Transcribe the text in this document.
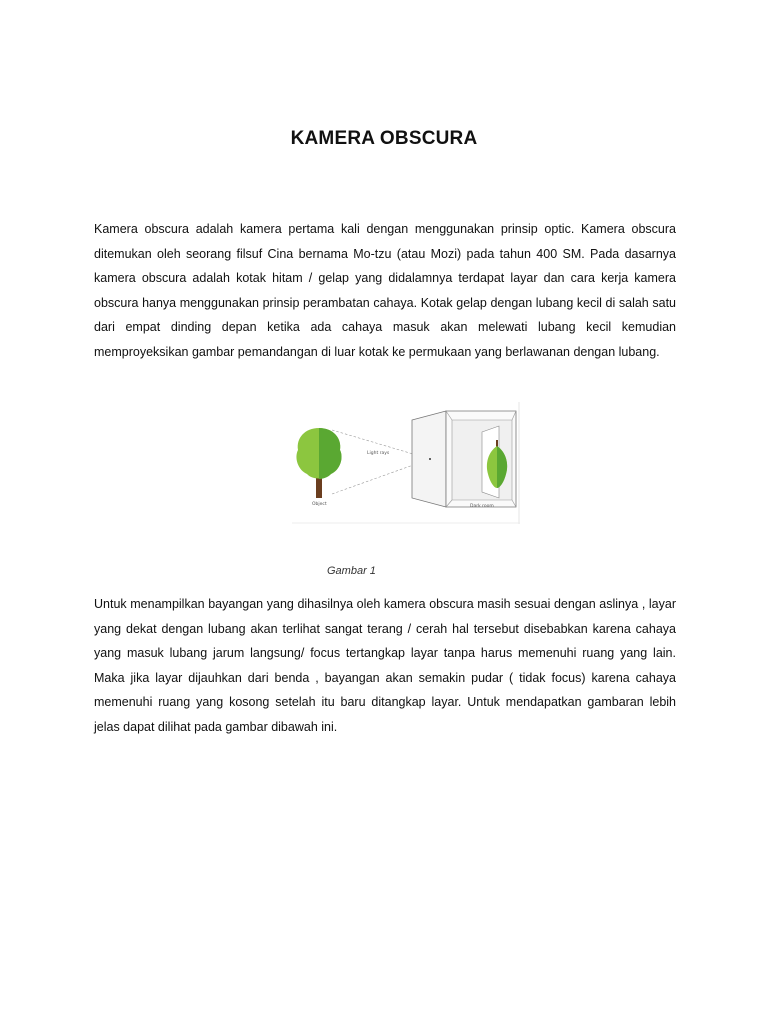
KAMERA OBSCURA
Kamera obscura adalah kamera pertama kali dengan menggunakan prinsip optic. Kamera obscura ditemukan oleh seorang filsuf Cina bernama Mo-tzu (atau Mozi) pada tahun 400 SM. Pada dasarnya kamera obscura adalah kotak hitam / gelap yang didalamnya terdapat layar dan cara kerja kamera obscura hanya menggunakan prinsip perambatan cahaya. Kotak gelap dengan lubang kecil di salah satu dari empat dinding depan ketika ada cahaya masuk akan melewati lubang kecil kemudian memproyeksikan gambar pemandangan di luar kotak ke permukaan yang berlawanan dengan lubang.
Light rays
Object	Dark room
Gambar 1
Untuk menampilkan bayangan yang dihasilnya oleh kamera obscura masih sesuai dengan aslinya , layar yang dekat dengan lubang akan terlihat sangat terang / cerah hal tersebut disebabkan karena cahaya yang masuk lubang jarum langsung/ focus tertangkap layar tanpa harus memenuhi ruang yang lain. Maka jika layar dijauhkan dari benda , bayangan akan semakin pudar ( tidak focus) karena cahaya memenuhi ruang yang kosong setelah itu baru ditangkap layar. Untuk mendapatkan gambaran lebih jelas dapat dilihat pada gambar dibawah ini.
